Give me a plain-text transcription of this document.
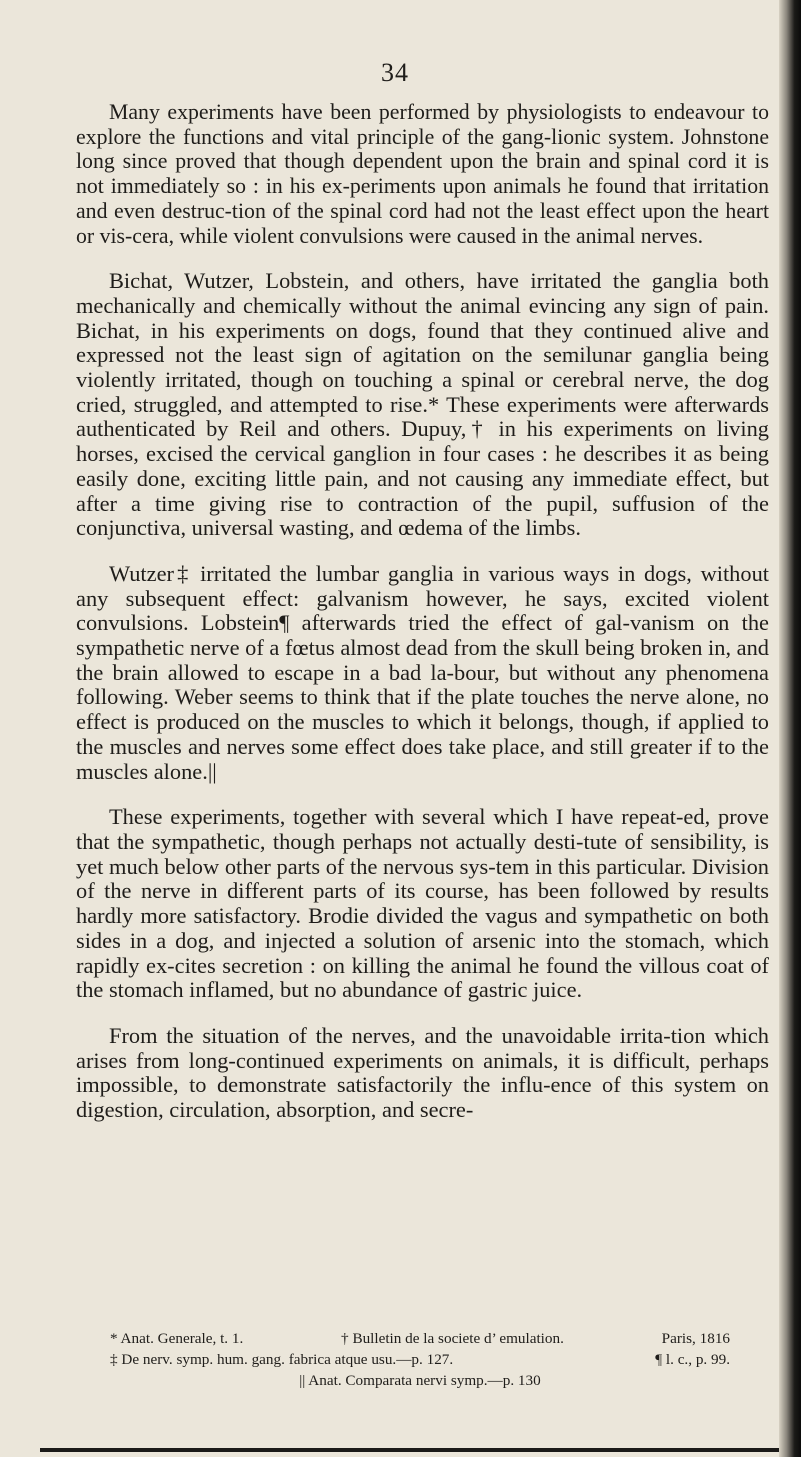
34

Many experiments have been performed by physiologists to endeavour to explore the functions and vital principle of the gang-lionic system. Johnstone long since proved that though dependent upon the brain and spinal cord it is not immediately so : in his ex-periments upon animals he found that irritation and even destruc-tion of the spinal cord had not the least effect upon the heart or vis-cera, while violent convulsions were caused in the animal nerves.

Bichat, Wutzer, Lobstein, and others, have irritated the ganglia both mechanically and chemically without the animal evincing any sign of pain. Bichat, in his experiments on dogs, found that they continued alive and expressed not the least sign of agitation on the semilunar ganglia being violently irritated, though on touching a spinal or cerebral nerve, the dog cried, struggled, and attempted to rise.* These experiments were afterwards authenticated by Reil and others. Dupuy,† in his experiments on living horses, excised the cervical ganglion in four cases : he describes it as being easily done, exciting little pain, and not causing any immediate effect, but after a time giving rise to contraction of the pupil, suffusion of the conjunctiva, universal wasting, and œdema of the limbs.

Wutzer‡ irritated the lumbar ganglia in various ways in dogs, without any subsequent effect: galvanism however, he says, excited violent convulsions. Lobstein¶ afterwards tried the effect of gal-vanism on the sympathetic nerve of a fœtus almost dead from the skull being broken in, and the brain allowed to escape in a bad la-bour, but without any phenomena following. Weber seems to think that if the plate touches the nerve alone, no effect is produced on the muscles to which it belongs, though, if applied to the muscles and nerves some effect does take place, and still greater if to the muscles alone.||

These experiments, together with several which I have repeat-ed, prove that the sympathetic, though perhaps not actually desti-tute of sensibility, is yet much below other parts of the nervous sys-tem in this particular. Division of the nerve in different parts of its course, has been followed by results hardly more satisfactory. Brodie divided the vagus and sympathetic on both sides in a dog, and injected a solution of arsenic into the stomach, which rapidly ex-cites secretion : on killing the animal he found the villous coat of the stomach inflamed, but no abundance of gastric juice.

From the situation of the nerves, and the unavoidable irrita-tion which arises from long-continued experiments on animals, it is difficult, perhaps impossible, to demonstrate satisfactorily the influ-ence of this system on digestion, circulation, absorption, and secre-

* Anat. Generale, t. 1.	† Bulletin de la societe d’ emulation.	Paris, 1816
‡ De nerv. symp. hum. gang. fabrica atque usu.—p. 127.	¶ l. c., p. 99.
|| Anat. Comparata nervi symp.—p. 130
